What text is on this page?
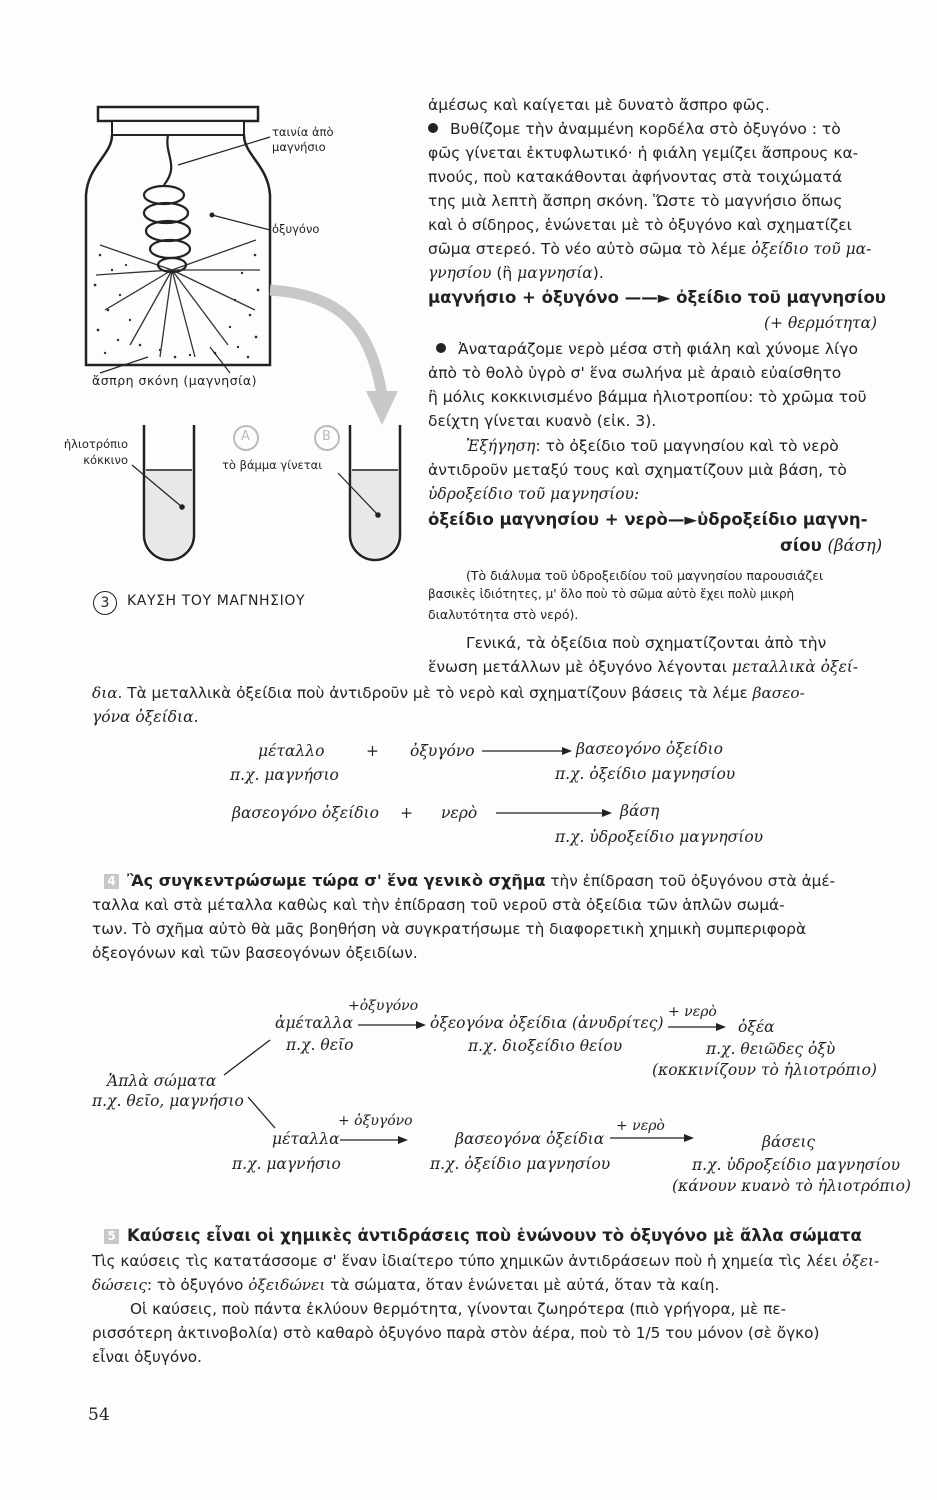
ταινία ἀπὸ
μαγνήσιο
ὀξυγόνο
ἄσπρη σκόνη (μαγνησία)
ἡλιοτρόπιο
κόκκινο	τὸ βάμμα γίνεται
A	B
3	ΚΑΥΣΗ ΤΟΥ ΜΑΓΝΗΣΙΟΥ
ἀμέσως καὶ καίγεται μὲ δυνατὸ ἄσπρο φῶς.
Βυθίζομε τὴν ἀναμμένη κορδέλα στὸ ὀξυγόνο : τὸ
φῶς γίνεται ἐκτυφλωτικό· ἡ φιάλη γεμίζει ἄσπρους κα-
πνούς, ποὺ κατακάθονται ἀφήνοντας στὰ τοιχώματά
της μιὰ λεπτὴ ἄσπρη σκόνη. Ὥστε τὸ μαγνήσιο ὅπως
καὶ ὁ σίδηρος, ἑνώνεται μὲ τὸ ὀξυγόνο καὶ σχηματίζει
σῶμα στερεό. Τὸ νέο αὐτὸ σῶμα τὸ λέμε ὀξείδιο τοῦ μα-
γνησίου (ἢ μαγνησία).
μαγνήσιο + ὀξυγόνο ——► ὀξείδιο τοῦ μαγνησίου
(+ θερμότητα)
Ἀναταράζομε νερὸ μέσα στὴ φιάλη καὶ χύνομε λίγο
ἀπὸ τὸ θολὸ ὑγρὸ σ' ἕνα σωλήνα μὲ ἀραιὸ εὐαίσθητο
ἢ μόλις κοκκινισμένο βάμμα ἡλιοτροπίου: τὸ χρῶμα τοῦ
δείχτη γίνεται κυανὸ (εἰκ. 3).
Ἐξήγηση: τὸ ὀξείδιο τοῦ μαγνησίου καὶ τὸ νερὸ
ἀντιδροῦν μεταξύ τους καὶ σχηματίζουν μιὰ βάση, τὸ
ὑδροξείδιο τοῦ μαγνησίου:
ὀξείδιο μαγνησίου + νερὸ—►ὑδροξείδιο μαγνη-
σίου (βάση)
(Τὸ διάλυμα τοῦ ὑδροξειδίου τοῦ μαγνησίου παρουσιάζει
βασικὲς ἰδιότητες, μ' ὅλο ποὺ τὸ σῶμα αὐτὸ ἔχει πολὺ μικρὴ
διαλυτότητα στὸ νερό).
Γενικά, τὰ ὀξείδια ποὺ σχηματίζονται ἀπὸ τὴν
ἕνωση μετάλλων μὲ ὀξυγόνο λέγονται μεταλλικὰ ὀξεί-
δια. Τὰ μεταλλικὰ ὀξείδια ποὺ ἀντιδροῦν μὲ τὸ νερὸ καὶ σχηματίζουν βάσεις τὰ λέμε βασεο-
γόνα ὀξείδια.
μέταλλο	+ ὀξυγόνο	βασεογόνο ὀξείδιο
π.χ. μαγνήσιο	π.χ. ὀξείδιο μαγνησίου
βασεογόνο ὀξείδιο + νερὸ	βάση
π.χ. ὑδροξείδιο μαγνησίου
4 Ἂς συγκεντρώσωμε τώρα σ' ἕνα γενικὸ σχῆμα τὴν ἐπίδραση τοῦ ὀξυγόνου στὰ ἀμέ-
ταλλα καὶ στὰ μέταλλα καθὼς καὶ τὴν ἐπίδραση τοῦ νεροῦ στὰ ὀξείδια τῶν ἁπλῶν σωμά-
των. Τὸ σχῆμα αὐτὸ θὰ μᾶς βοηθήση νὰ συγκρατήσωμε τὴ διαφορετικὴ χημικὴ συμπεριφορὰ
ὀξεογόνων καὶ τῶν βασεογόνων ὀξειδίων.
+ὀξυγόνο
ἀμέταλλα	ὀξεογόνα ὀξείδια (ἀνυδρίτες)
+ νερὸ
ὀξέα
π.χ. θεῖο	π.χ. διοξείδιο θείου	π.χ. θειῶδες ὀξὺ
(κοκκινίζουν τὸ ἡλιοτρόπιο)
Ἁπλὰ σώματα
π.χ. θεῖο, μαγνήσιο
+ ὀξυγόνο
μέταλλα	βασεογόνα ὀξείδια
+ νερὸ
βάσεις
π.χ. μαγνήσιο	π.χ. ὀξείδιο μαγνησίου	π.χ. ὑδροξείδιο μαγνησίου
(κάνουν κυανὸ τὸ ἡλιοτρόπιο)
5 Καύσεις εἶναι οἱ χημικὲς ἀντιδράσεις ποὺ ἑνώνουν τὸ ὀξυγόνο μὲ ἄλλα σώματα
Τὶς καύσεις τὶς κατατάσσομε σ' ἕναν ἰδιαίτερο τύπο χημικῶν ἀντιδράσεων ποὺ ἡ χημεία τὶς λέει ὀξει-
δώσεις: τὸ ὀξυγόνο ὀξειδώνει τὰ σώματα, ὅταν ἑνώνεται μὲ αὐτά, ὅταν τὰ καίη.
Οἱ καύσεις, ποὺ πάντα ἐκλύουν θερμότητα, γίνονται ζωηρότερα (πιὸ γρήγορα, μὲ πε-
ρισσότερη ἀκτινοβολία) στὸ καθαρὸ ὀξυγόνο παρὰ στὸν ἀέρα, ποὺ τὸ 1/5 του μόνον (σὲ ὄγκο)
εἶναι ὀξυγόνο.
54
